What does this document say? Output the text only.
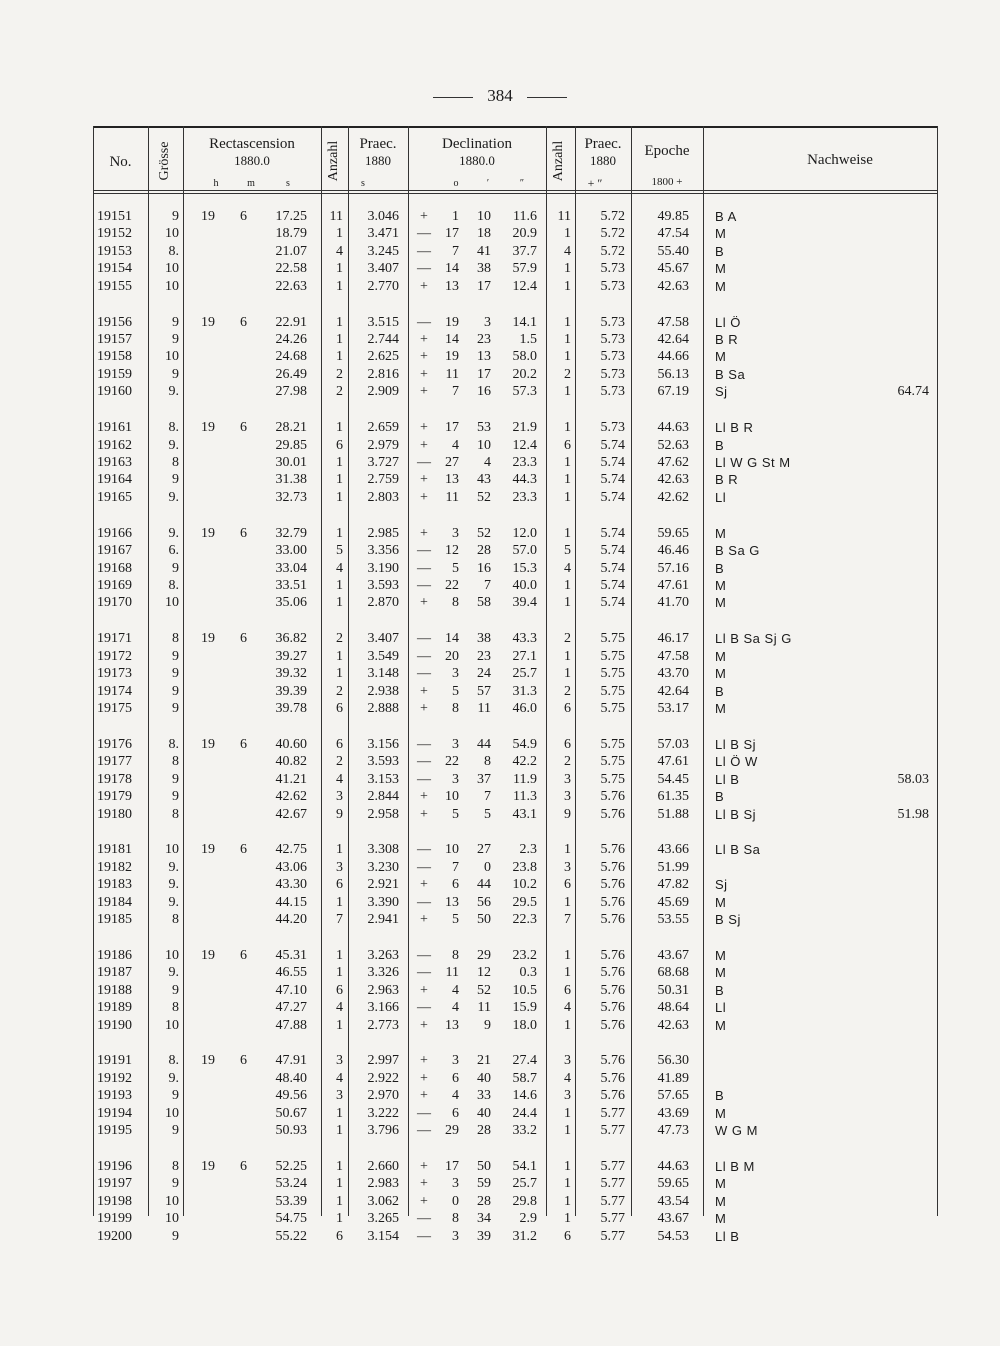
384
No.	Grösse	Rectascension
1880.0
h	m	s
Anzahl	Praec.
1880
s
Declination
1880.0
o	′	″
Anzahl	Praec.
1880
+ ″
Epoche
1800 +
Nachweise
19151	9	19	6	17.25	11	3.046 +	1	10	11.6	11	5.72	49.85 B A
19152	10	18.79	1	3.471 —	17	18	20.9	1	5.72	47.54 M
19153	8.	21.07	4	3.245 —	7	41	37.7	4	5.72	55.40 B
19154	10	22.58	1	3.407 —	14	38	57.9	1	5.73	45.67 M
19155	10	22.63	1	2.770 +	13	17	12.4	1	5.73	42.63 M
19156	9	19	6	22.91	1	3.515 —	19	3	14.1	1	5.73	47.58 Ll Ö
19157	9	24.26	1	2.744 +	14	23	1.5	1	5.73	42.64 B R
19158	10	24.68	1	2.625 +	19	13	58.0	1	5.73	44.66 M
19159	9	26.49	2	2.816 +	11	17	20.2	2	5.73	56.13 B Sa
19160	9.	27.98	2	2.909 +	7	16	57.3	1	5.73	67.19 Sj	64.74
19161	8.	19	6	28.21	1	2.659 +	17	53	21.9	1	5.73	44.63 Ll B R
19162	9.	29.85	6	2.979 +	4	10	12.4	6	5.74	52.63 B
19163	8	30.01	1	3.727 —	27	4	23.3	1	5.74	47.62 Ll W G St M
19164	9	31.38	1	2.759 +	13	43	44.3	1	5.74	42.63 B R
19165	9.	32.73	1	2.803 +	11	52	23.3	1	5.74	42.62 Ll
19166	9.	19	6	32.79	1	2.985 +	3	52	12.0	1	5.74	59.65 M
19167	6.	33.00	5	3.356 —	12	28	57.0	5	5.74	46.46 B Sa G
19168	9	33.04	4	3.190 —	5	16	15.3	4	5.74	57.16 B
19169	8.	33.51	1	3.593 —	22	7	40.0	1	5.74	47.61 M
19170	10	35.06	1	2.870 +	8	58	39.4	1	5.74	41.70 M
19171	8	19	6	36.82	2	3.407 —	14	38	43.3	2	5.75	46.17 Ll B Sa Sj G
19172	9	39.27	1	3.549 —	20	23	27.1	1	5.75	47.58 M
19173	9	39.32	1	3.148 —	3	24	25.7	1	5.75	43.70 M
19174	9	39.39	2	2.938 +	5	57	31.3	2	5.75	42.64 B
19175	9	39.78	6	2.888 +	8	11	46.0	6	5.75	53.17 M
19176	8.	19	6	40.60	6	3.156 —	3	44	54.9	6	5.75	57.03 Ll B Sj
19177	8	40.82	2	3.593 —	22	8	42.2	2	5.75	47.61 Ll Ö W
19178	9	41.21	4	3.153 —	3	37	11.9	3	5.75	54.45 Ll B	58.03
19179	9	42.62	3	2.844 +	10	7	11.3	3	5.76	61.35 B
19180	8	42.67	9	2.958 +	5	5	43.1	9	5.76	51.88 Ll B Sj	51.98
19181	10	19	6	42.75	1	3.308 —	10	27	2.3	1	5.76	43.66 Ll B Sa
19182	9.	43.06	3	3.230 —	7	0	23.8	3	5.76	51.99
19183	9.	43.30	6	2.921 +	6	44	10.2	6	5.76	47.82 Sj
19184	9.	44.15	1	3.390 —	13	56	29.5	1	5.76	45.69 M
19185	8	44.20	7	2.941 +	5	50	22.3	7	5.76	53.55 B Sj
19186	10	19	6	45.31	1	3.263 —	8	29	23.2	1	5.76	43.67 M
19187	9.	46.55	1	3.326 —	11	12	0.3	1	5.76	68.68 M
19188	9	47.10	6	2.963 +	4	52	10.5	6	5.76	50.31 B
19189	8	47.27	4	3.166 —	4	11	15.9	4	5.76	48.64 Ll
19190	10	47.88	1	2.773 +	13	9	18.0	1	5.76	42.63 M
19191	8.	19	6	47.91	3	2.997 +	3	21	27.4	3	5.76	56.30
19192	9.	48.40	4	2.922 +	6	40	58.7	4	5.76	41.89
19193	9	49.56	3	2.970 +	4	33	14.6	3	5.76	57.65 B
19194	10	50.67	1	3.222 —	6	40	24.4	1	5.77	43.69 M
19195	9	50.93	1	3.796 —	29	28	33.2	1	5.77	47.73 W G M
19196	8	19	6	52.25	1	2.660 +	17	50	54.1	1	5.77	44.63 Ll B M
19197	9	53.24	1	2.983 +	3	59	25.7	1	5.77	59.65 M
19198	10	53.39	1	3.062 +	0	28	29.8	1	5.77	43.54 M
19199	10	54.75	1	3.265 —	8	34	2.9	1	5.77	43.67 M
19200	9	55.22	6	3.154 —	3	39	31.2	6	5.77	54.53 Ll B
